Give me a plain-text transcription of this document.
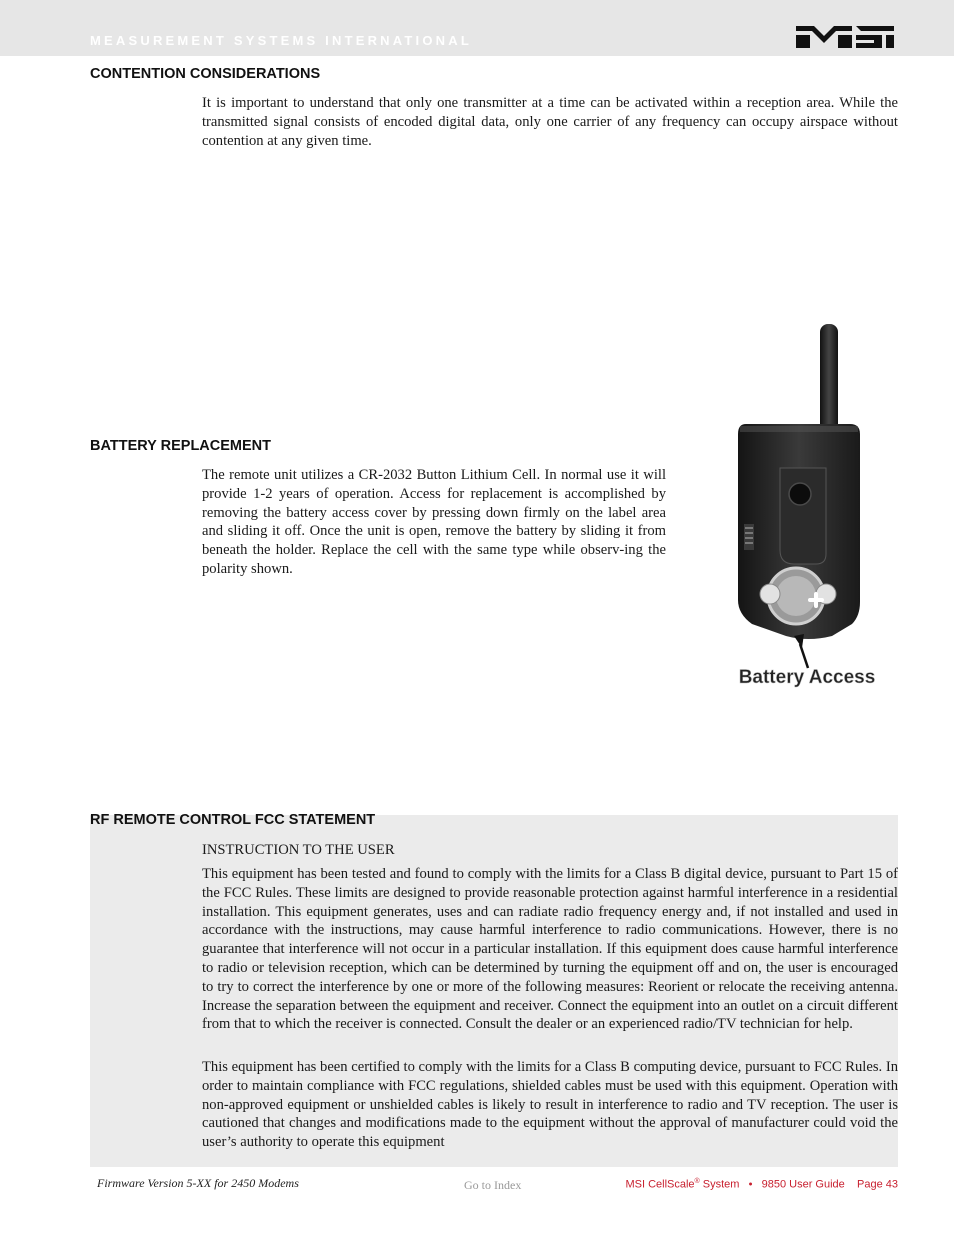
MEASUREMENT SYSTEMS INTERNATIONAL
CONTENTION CONSIDERATIONS
It is important to understand that only one transmitter at a time can be activated within a reception area. While the transmitted signal consists of encoded digital data, only one carrier of any frequency can occupy airspace without contention at any given time.
BATTERY REPLACEMENT
The remote unit utilizes a CR-2032 Button Lithium Cell. In normal use it will provide 1-2 years of operation. Access for replacement is accomplished by removing the battery access cover by pressing down firmly on the label area and sliding it off. Once the unit is open, remove the battery by sliding it from beneath the holder. Replace the cell with the same type while observ-ing the polarity shown.
Battery Access
RF REMOTE CONTROL FCC STATEMENT
INSTRUCTION TO THE USER
This equipment has been tested and found to comply with the limits for a Class B digital device, pursuant to Part 15 of the FCC Rules. These limits are designed to provide reasonable protection against harmful interference in a residential installation. This equipment generates, uses and can radiate radio frequency energy and, if not installed and used in accordance with the instructions, may cause harmful interference to radio communications. However, there is no guarantee that interference will not occur in a particular installation. If this equipment does cause harmful interference to radio or television reception, which can be determined by turning the equipment off and on, the user is encouraged to try to correct the interference by one or more of the following measures: Reorient or relocate the receiving antenna. Increase the separation between the equipment and receiver. Connect the equipment into an outlet on a circuit different from that to which the receiver is connected. Consult the dealer or an experienced radio/TV technician for help.
This equipment has been certified to comply with the limits for a Class B computing device, pursuant to FCC Rules. In order to maintain compliance with FCC regulations, shielded cables must be used with this equipment. Operation with non-approved equipment or unshielded cables is likely to result in interference to radio and TV reception. The user is cautioned that changes and modifications made to the equipment without the approval of manufacturer could void the user’s authority to operate this equipment
Firmware Version 5-XX for 2450 Modems	Go to Index	MSI CellScale® System   •   9850 User Guide    Page 43
